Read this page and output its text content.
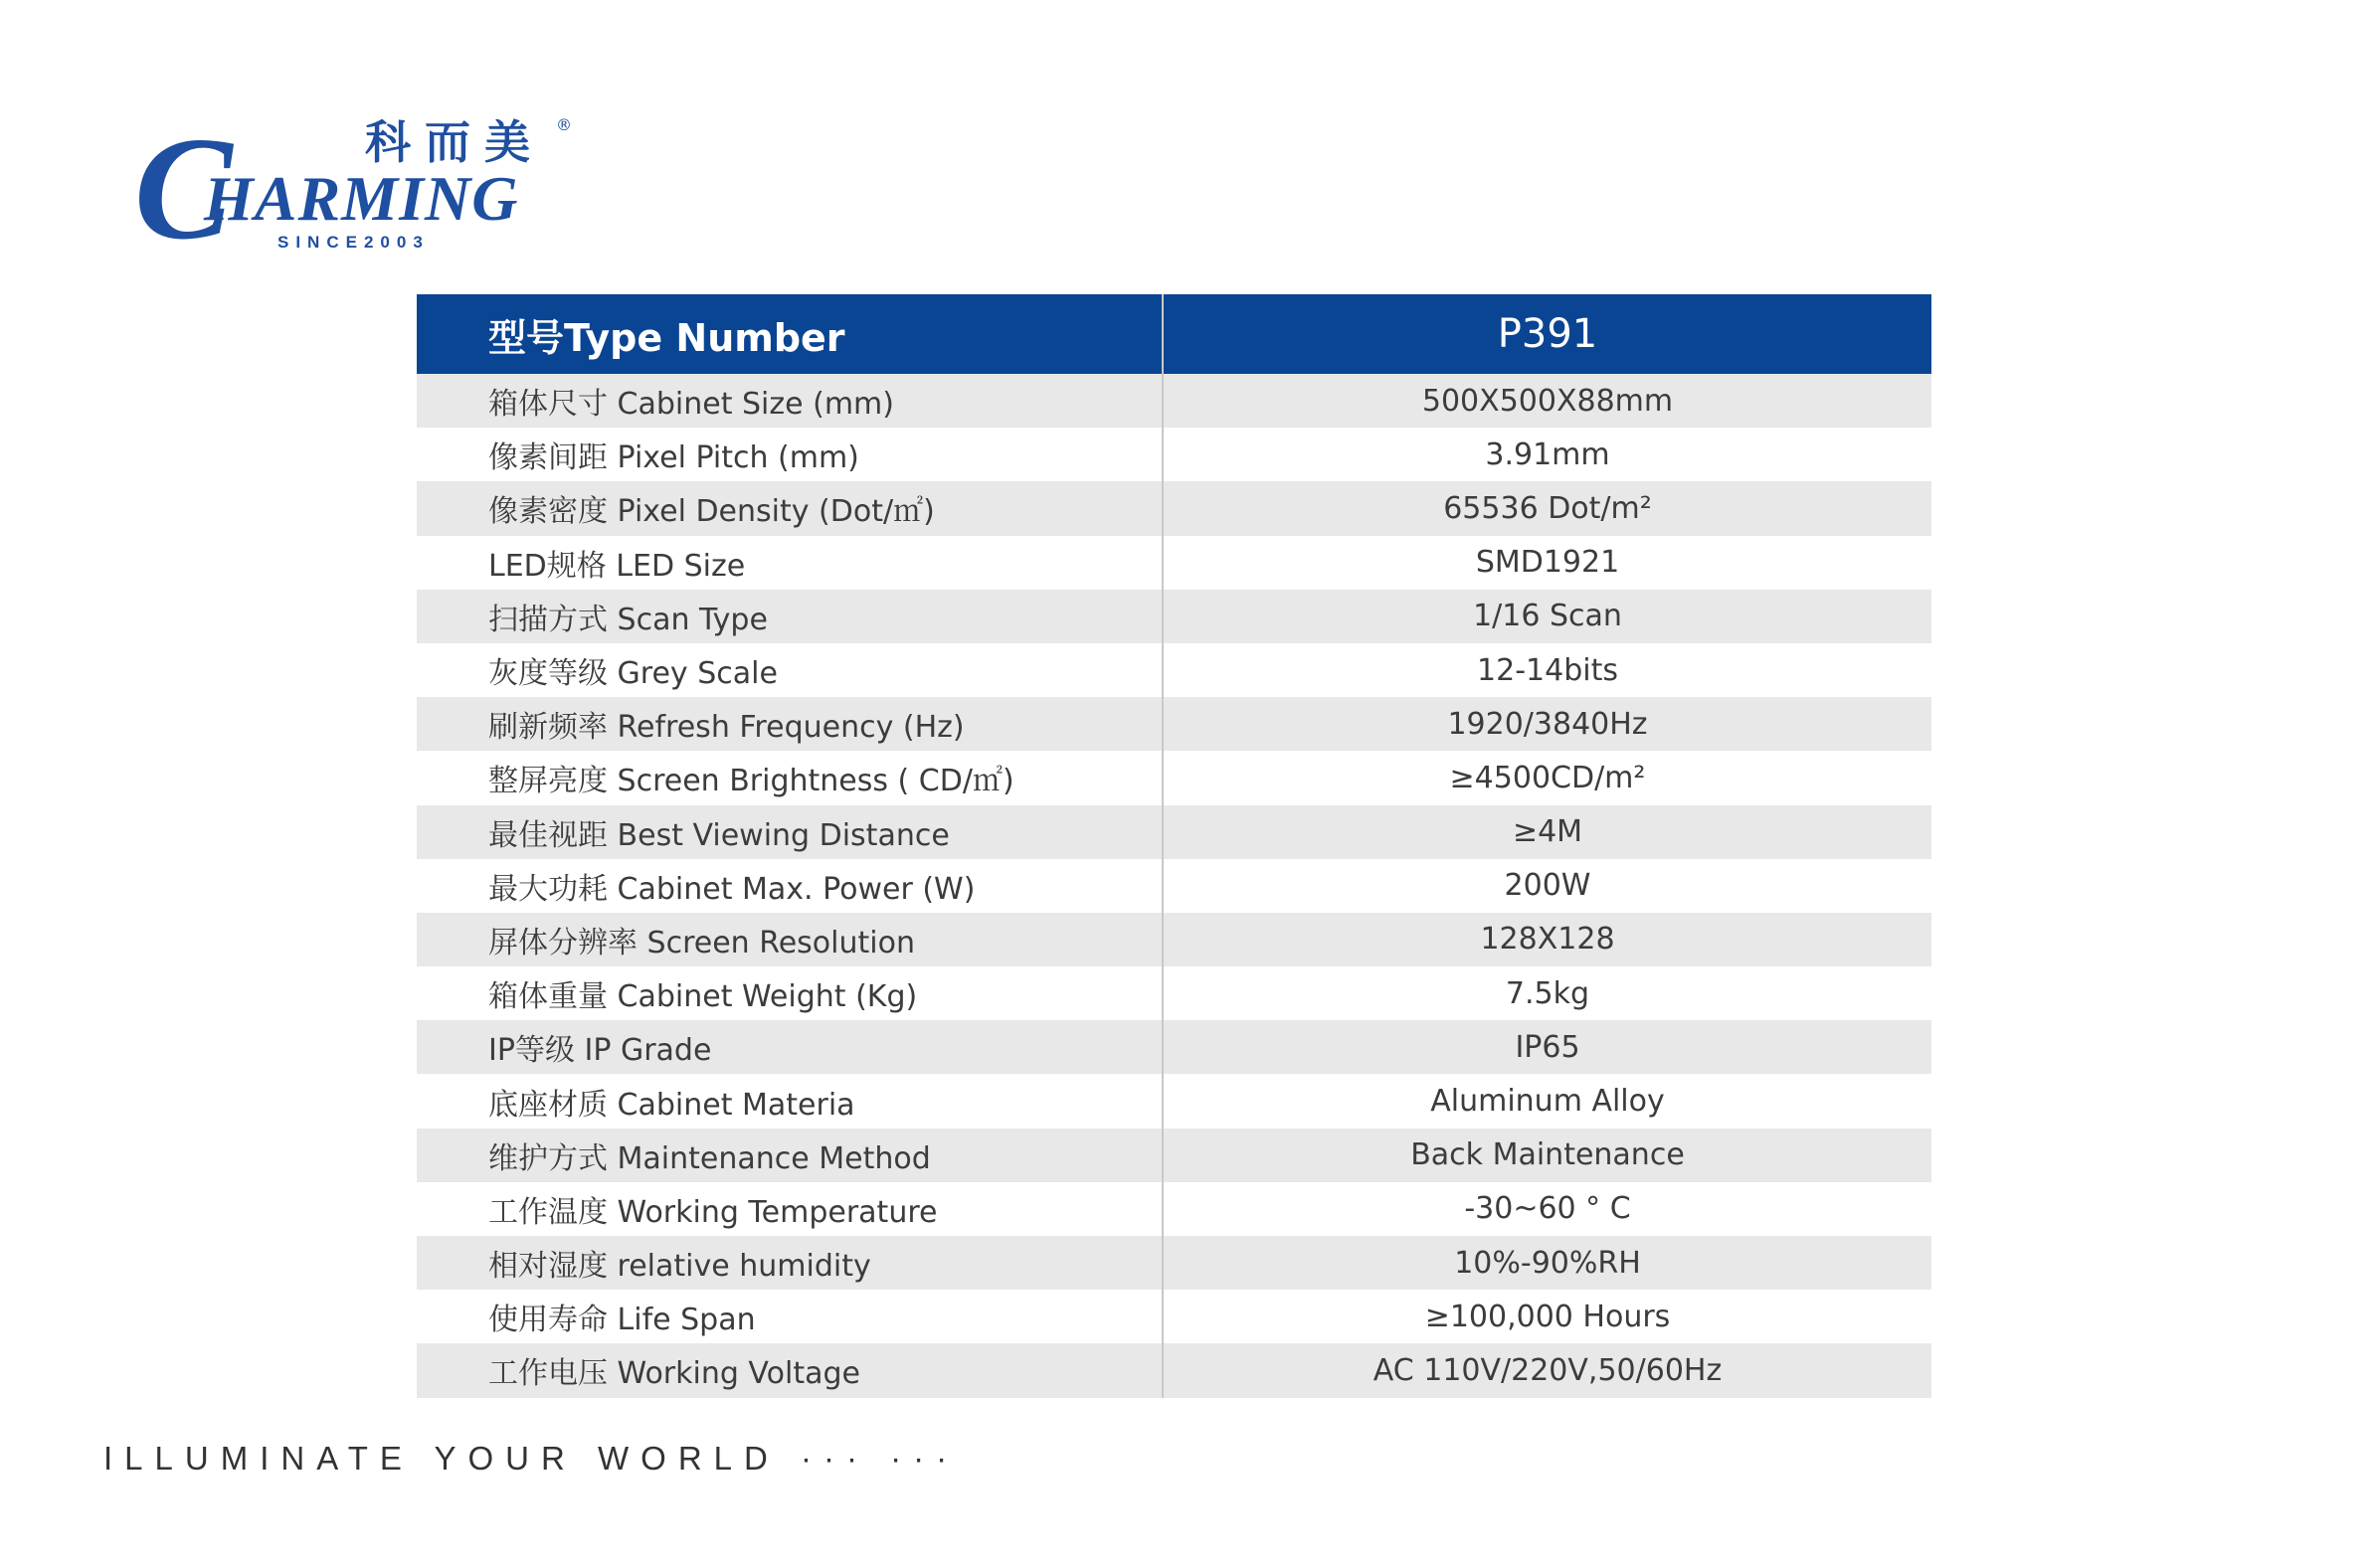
C
HARMING
科而美 ®
SINCE2003
型号Type Number	P391
箱体尺寸 Cabinet Size (mm)	500X500X88mm
像素间距 Pixel Pitch (mm)	3.91mm
像素密度 Pixel Density (Dot/㎡)	65536 Dot/m²
LED规格 LED Size	SMD1921
扫描方式 Scan Type	1/16 Scan
灰度等级 Grey Scale	12-14bits
刷新频率 Refresh Frequency (Hz)	1920/3840Hz
整屏亮度 Screen Brightness ( CD/㎡)	≥4500CD/m²
最佳视距 Best Viewing Distance	≥4M
最大功耗 Cabinet Max. Power (W)	200W
屏体分辨率 Screen Resolution	128X128
箱体重量 Cabinet Weight (Kg)	7.5kg
IP等级 IP Grade	IP65
底座材质 Cabinet Materia	Aluminum Alloy
维护方式 Maintenance Method	Back Maintenance
工作温度 Working Temperature	-30~60 ° C
相对湿度 relative humidity	10%-90%RH
使用寿命 Life Span	≥100,000 Hours
工作电压 Working Voltage	AC 110V/220V,50/60Hz
ILLUMINATE YOUR WORLD ··· ···
